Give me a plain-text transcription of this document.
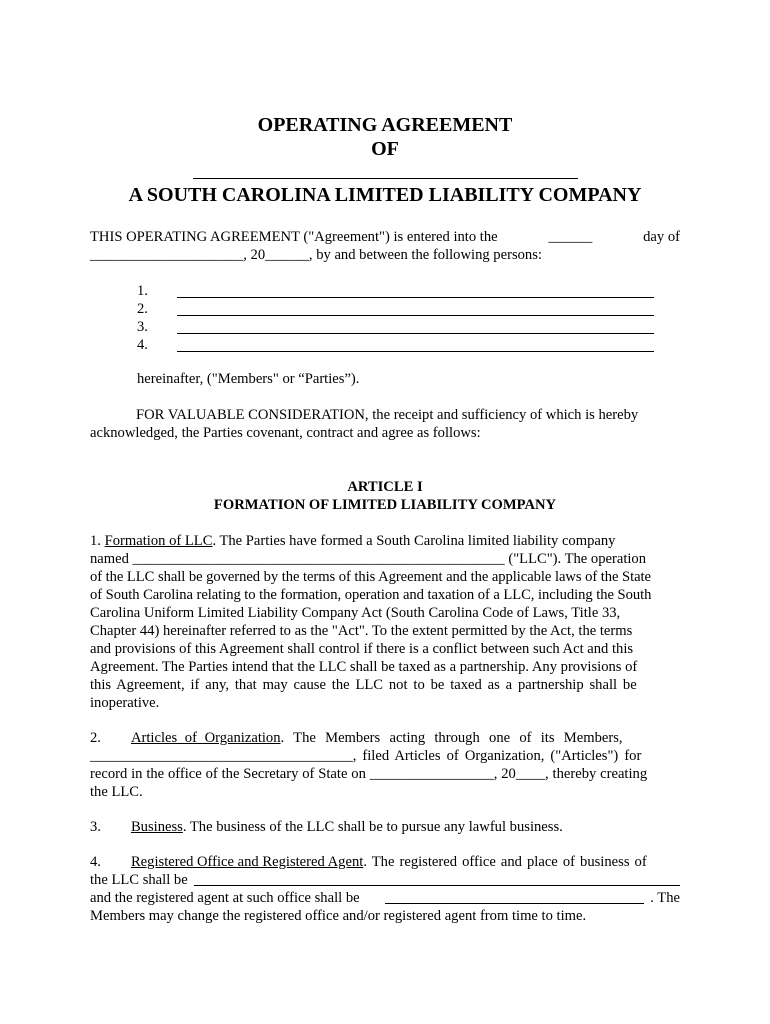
OPERATING AGREEMENT
OF
A SOUTH CAROLINA LIMITED LIABILITY COMPANY
THIS OPERATING AGREEMENT ("Agreement") is entered into the	______	day of
_____________________, 20______, by and between the following persons:
1.
2.
3.
4.
hereinafter, ("Members" or “Parties”).
FOR VALUABLE CONSIDERATION, the receipt and sufficiency of which is hereby
acknowledged, the Parties covenant, contract and agree as follows:
ARTICLE I
FORMATION OF LIMITED LIABILITY COMPANY
1. Formation of LLC. The Parties have formed a South Carolina limited liability company
named ___________________________________________________ ("LLC"). The operation
of the LLC shall be governed by the terms of this Agreement and the applicable laws of the State
of South Carolina relating to the formation, operation and taxation of a LLC, including the South
Carolina Uniform Limited Liability Company Act (South Carolina Code of Laws, Title 33,
Chapter 44) hereinafter referred to as the "Act". To the extent permitted by the Act, the terms
and provisions of this Agreement shall control if there is a conflict between such Act and this
Agreement. The Parties intend that the LLC shall be taxed as a partnership. Any provisions of
this Agreement, if any, that may cause the LLC not to be taxed as a partnership shall be
inoperative.
2. Articles of Organization. The Members acting through one of its Members,
____________________________________, filed Articles of Organization, ("Articles") for
record in the office of the Secretary of State on _________________, 20____, thereby creating
the LLC.
3. Business. The business of the LLC shall be to pursue any lawful business.
4. Registered Office and Registered Agent. The registered office and place of business of
the LLC shall be
and the registered agent at such office shall be	. The
Members may change the registered office and/or registered agent from time to time.
